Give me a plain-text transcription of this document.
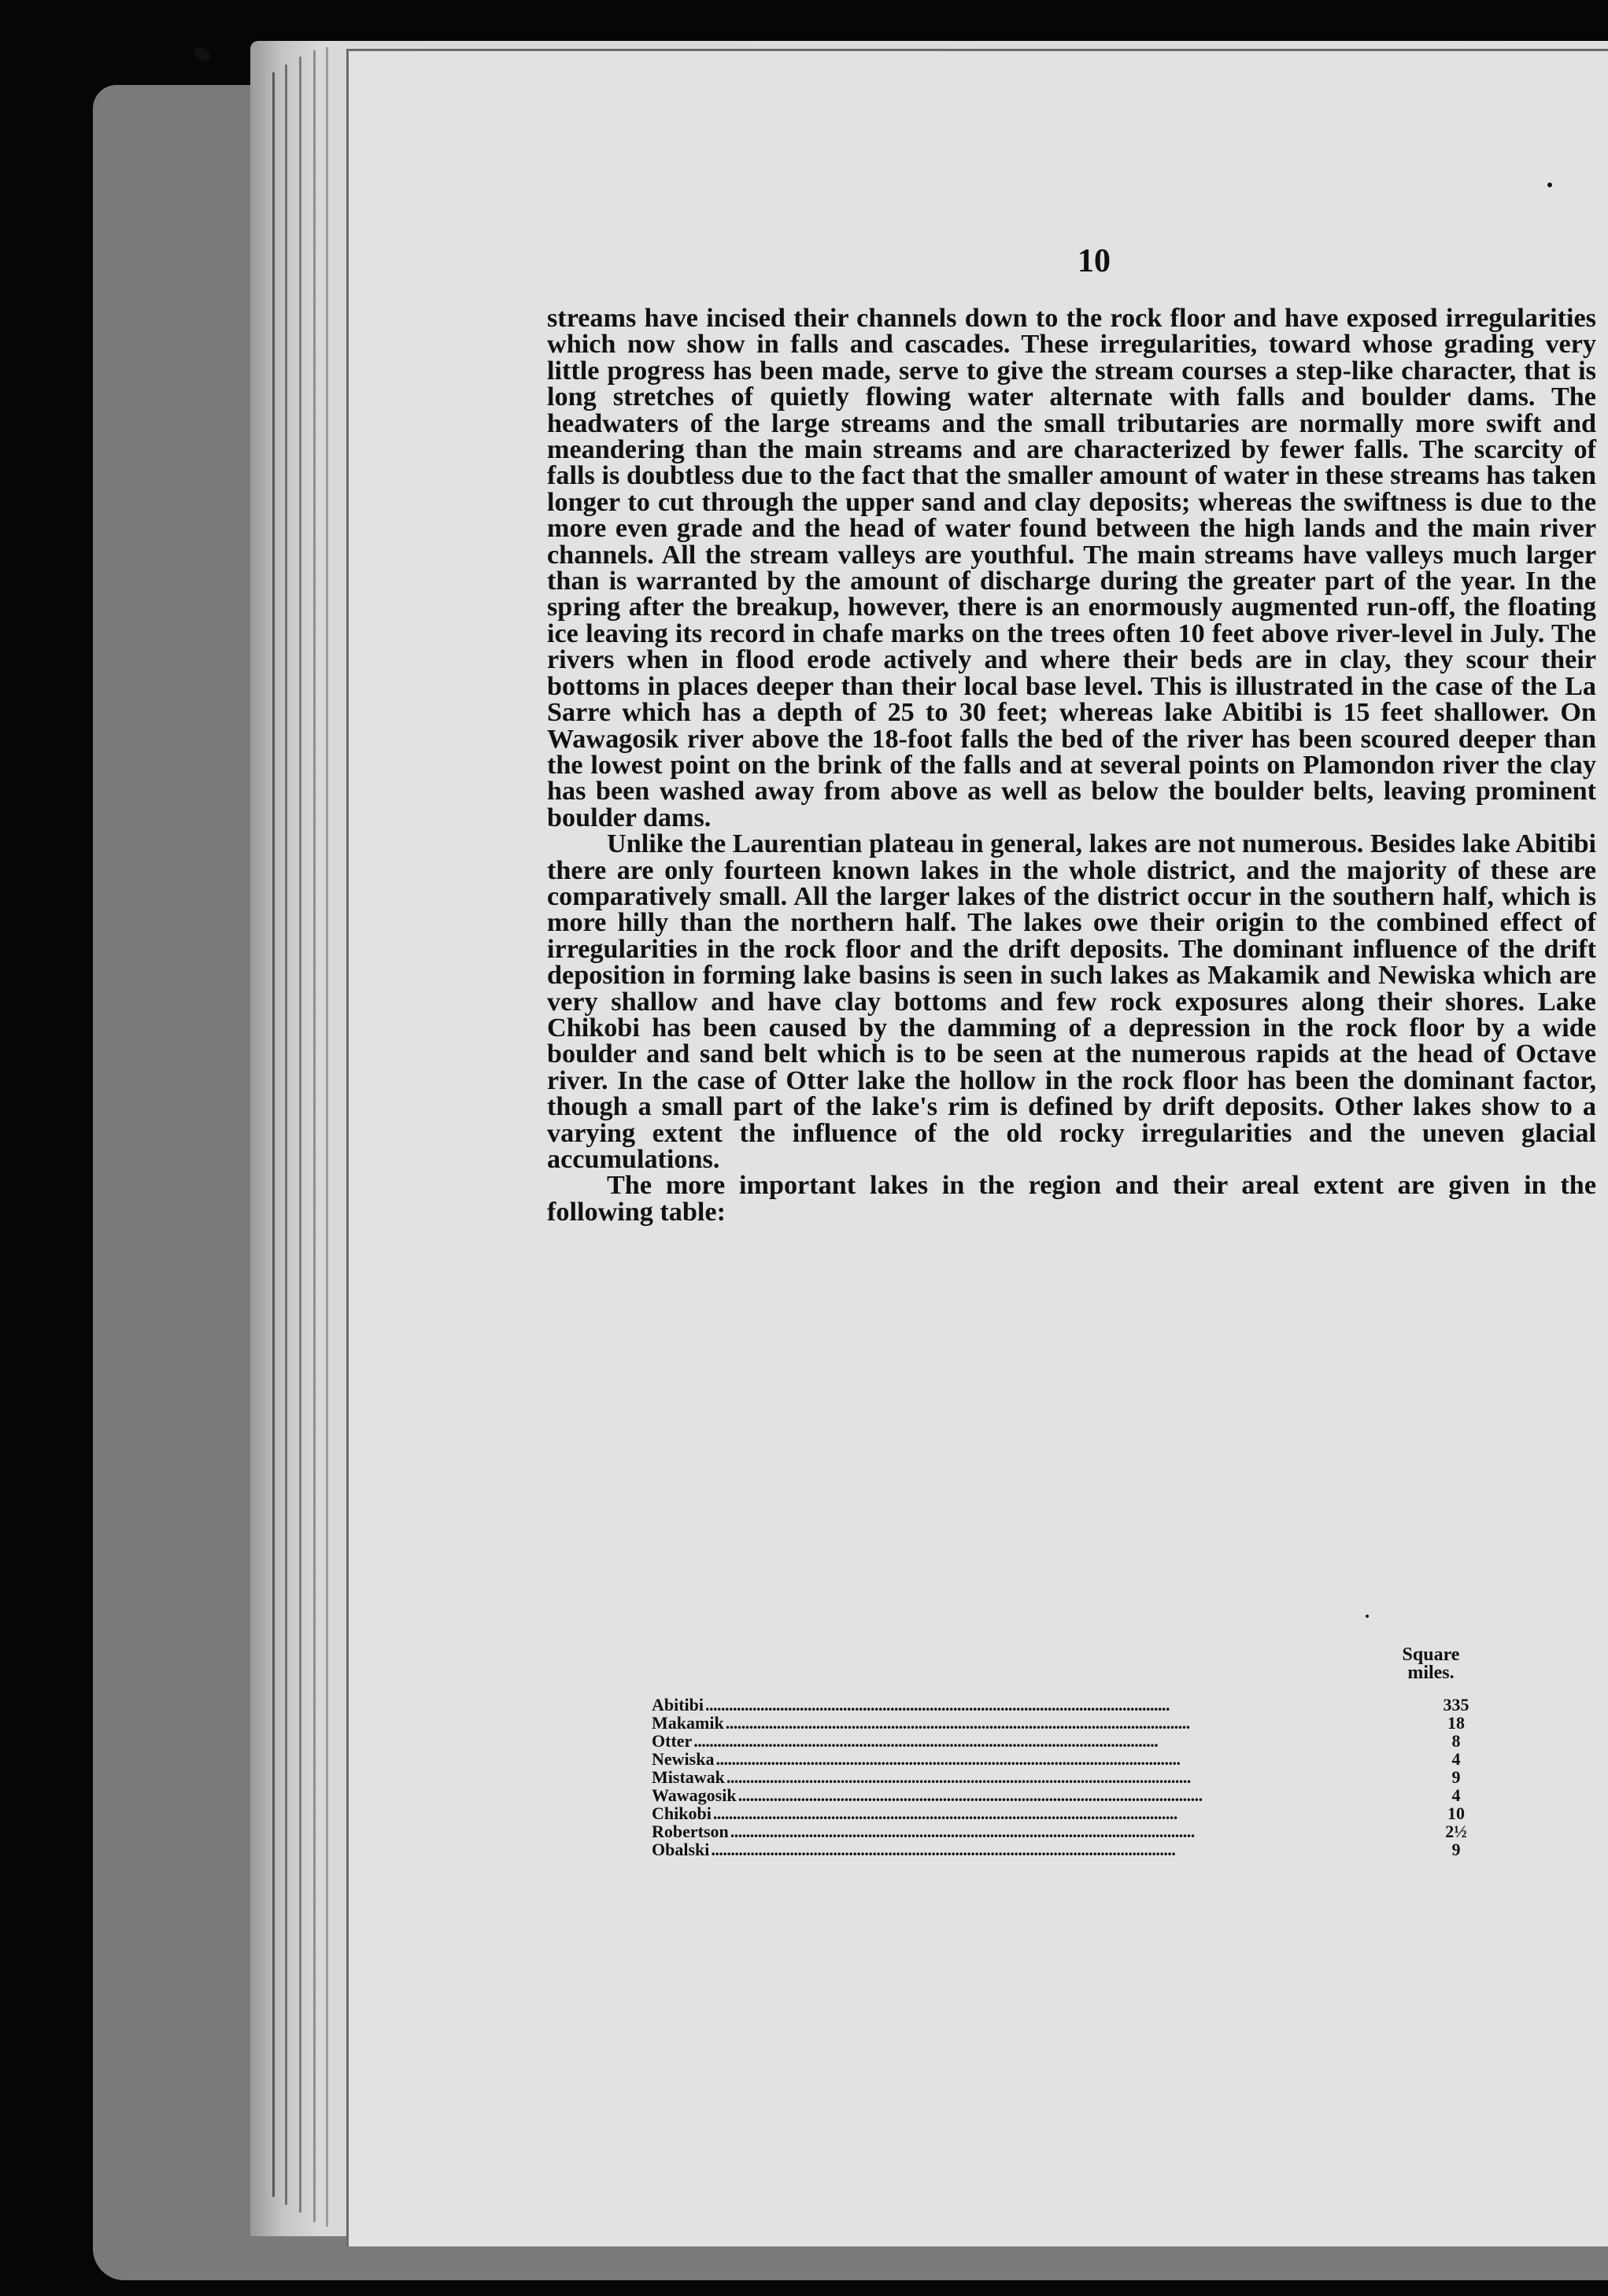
10

streams have incised their channels down to the rock floor and have exposed irregularities which now show in falls and cascades. These irregularities, toward whose grading very little progress has been made, serve to give the stream courses a step-like character, that is long stretches of quietly flowing water alternate with falls and boulder dams. The headwaters of the large streams and the small tributaries are normally more swift and meandering than the main streams and are characterized by fewer falls. The scarcity of falls is doubtless due to the fact that the smaller amount of water in these streams has taken longer to cut through the upper sand and clay deposits; whereas the swiftness is due to the more even grade and the head of water found between the high lands and the main river channels. All the stream valleys are youthful. The main streams have valleys much larger than is warranted by the amount of discharge during the greater part of the year. In the spring after the breakup, however, there is an enormously augmented run-off, the floating ice leaving its record in chafe marks on the trees often 10 feet above river-level in July. The rivers when in flood erode actively and where their beds are in clay, they scour their bottoms in places deeper than their local base level. This is illustrated in the case of the La Sarre which has a depth of 25 to 30 feet; whereas lake Abitibi is 15 feet shallower. On Wawagosik river above the 18-foot falls the bed of the river has been scoured deeper than the lowest point on the brink of the falls and at several points on Plamondon river the clay has been washed away from above as well as below the boulder belts, leaving prominent boulder dams.

Unlike the Laurentian plateau in general, lakes are not numerous. Besides lake Abitibi there are only fourteen known lakes in the whole district, and the majority of these are comparatively small. All the larger lakes of the district occur in the southern half, which is more hilly than the northern half. The lakes owe their origin to the combined effect of irregularities in the rock floor and the drift deposits. The dominant influence of the drift deposition in forming lake basins is seen in such lakes as Makamik and Newiska which are very shallow and have clay bottoms and few rock exposures along their shores. Lake Chikobi has been caused by the damming of a depression in the rock floor by a wide boulder and sand belt which is to be seen at the numerous rapids at the head of Octave river. In the case of Otter lake the hollow in the rock floor has been the dominant factor, though a small part of the lake's rim is defined by drift deposits. Other lakes show to a varying extent the influence of the old rocky irregularities and the uneven glacial accumulations.

The more important lakes in the region and their areal extent are given in the following table:

Square
miles.
Abitibi . . .	335
Makamik . . .	18
Otter . . .	8
Newiska . . .	4
Mistawak . . .	9
Wawagosik . . .	4
Chikobi . . .	10
Robertson . . .	2½
Obalski . . .	9
